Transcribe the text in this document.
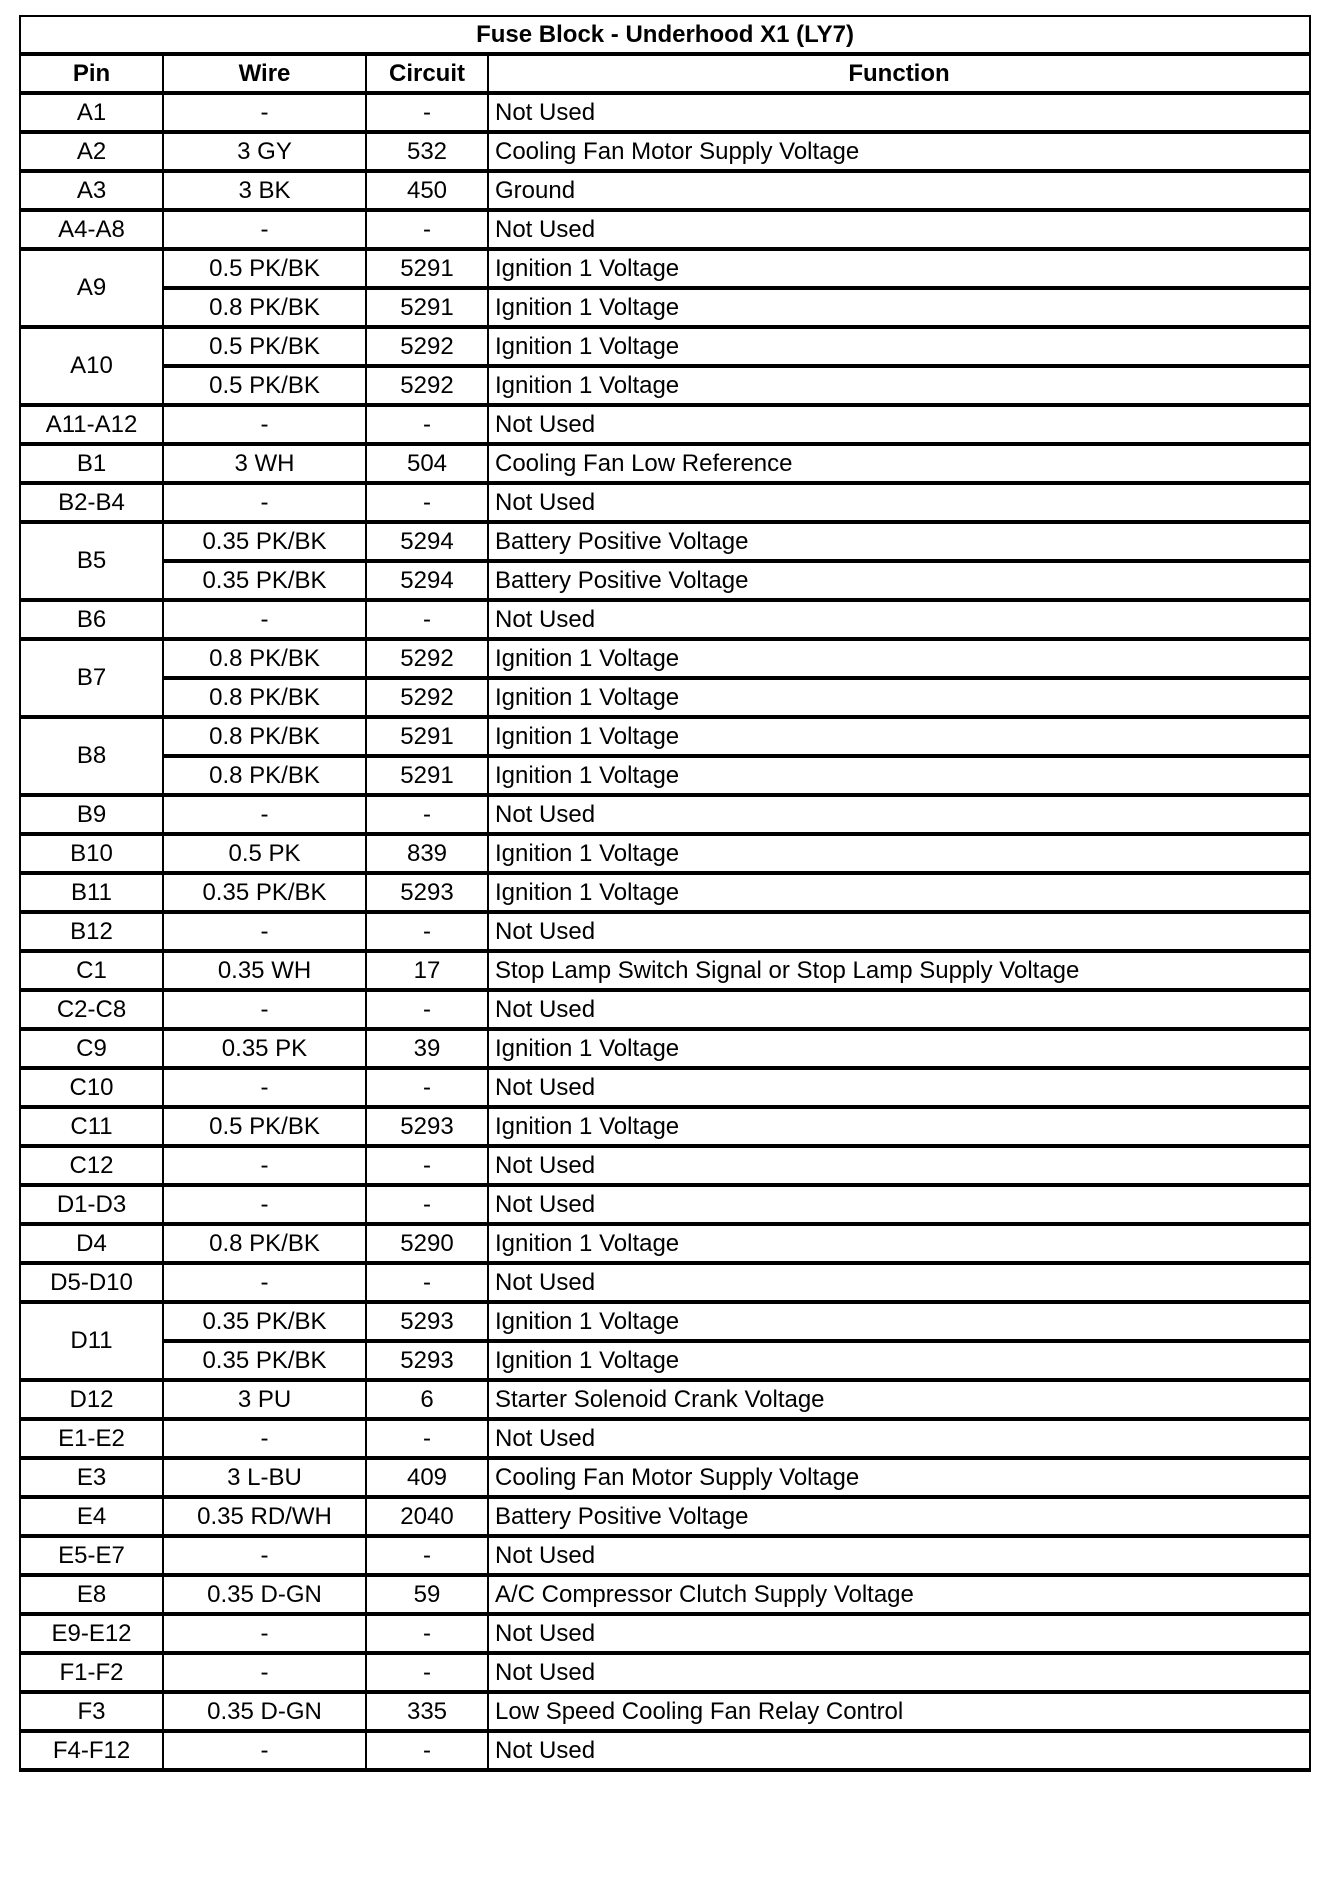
Fuse Block - Underhood X1 (LY7)			
Pin	Wire	Circuit	Function
A1	-	-	Not Used
A2	3 GY	532	Cooling Fan Motor Supply Voltage
A3	3 BK	450	Ground
A4-A8	-	-	Not Used
A9	0.5 PK/BK	5291	Ignition 1 Voltage
	0.8 PK/BK	5291	Ignition 1 Voltage
A10	0.5 PK/BK	5292	Ignition 1 Voltage
	0.5 PK/BK	5292	Ignition 1 Voltage
A11-A12	-	-	Not Used
B1	3 WH	504	Cooling Fan Low Reference
B2-B4	-	-	Not Used
B5	0.35 PK/BK	5294	Battery Positive Voltage
	0.35 PK/BK	5294	Battery Positive Voltage
B6	-	-	Not Used
B7	0.8 PK/BK	5292	Ignition 1 Voltage
	0.8 PK/BK	5292	Ignition 1 Voltage
B8	0.8 PK/BK	5291	Ignition 1 Voltage
	0.8 PK/BK	5291	Ignition 1 Voltage
B9	-	-	Not Used
B10	0.5 PK	839	Ignition 1 Voltage
B11	0.35 PK/BK	5293	Ignition 1 Voltage
B12	-	-	Not Used
C1	0.35 WH	17	Stop Lamp Switch Signal or Stop Lamp Supply Voltage
C2-C8	-	-	Not Used
C9	0.35 PK	39	Ignition 1 Voltage
C10	-	-	Not Used
C11	0.5 PK/BK	5293	Ignition 1 Voltage
C12	-	-	Not Used
D1-D3	-	-	Not Used
D4	0.8 PK/BK	5290	Ignition 1 Voltage
D5-D10	-	-	Not Used
D11	0.35 PK/BK	5293	Ignition 1 Voltage
	0.35 PK/BK	5293	Ignition 1 Voltage
D12	3 PU	6	Starter Solenoid Crank Voltage
E1-E2	-	-	Not Used
E3	3 L-BU	409	Cooling Fan Motor Supply Voltage
E4	0.35 RD/WH	2040	Battery Positive Voltage
E5-E7	-	-	Not Used
E8	0.35 D-GN	59	A/C Compressor Clutch Supply Voltage
E9-E12	-	-	Not Used
F1-F2	-	-	Not Used
F3	0.35 D-GN	335	Low Speed Cooling Fan Relay Control
F4-F12	-	-	Not Used
